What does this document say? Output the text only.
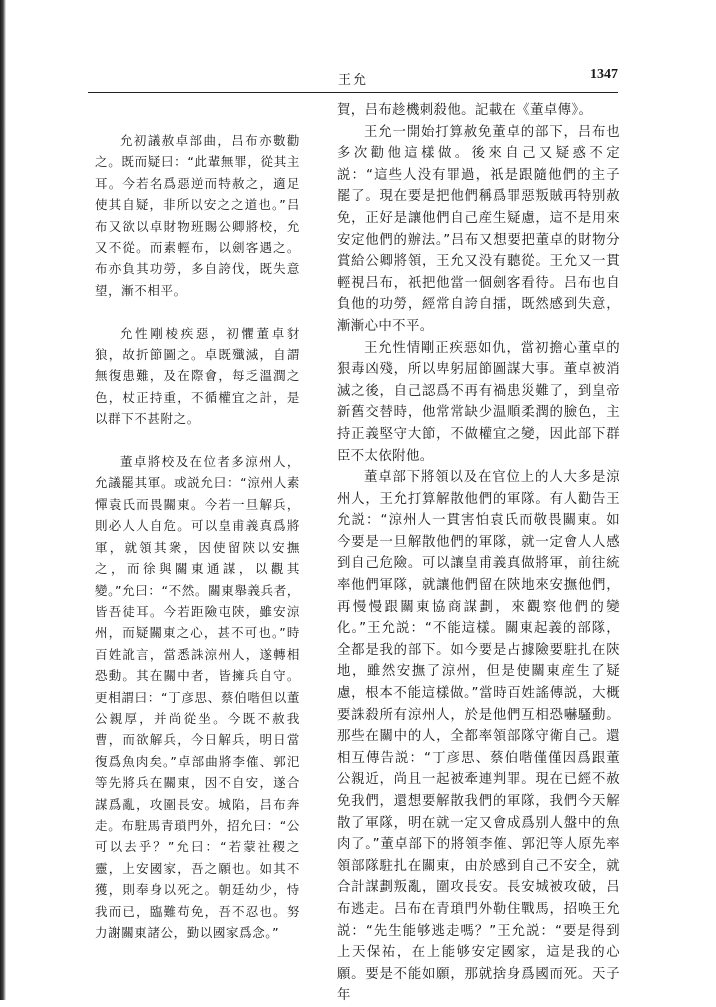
王允	1347

允初議赦卓部曲，吕布亦數勸之。既而疑曰：“此輩無罪，從其主耳。今若名爲惡逆而特赦之，適足使其自疑，非所以安之之道也。”吕布又欲以卓財物班賜公卿將校，允又不從。而素輕布，以劍客遇之。布亦負其功勞，多自誇伐，既失意望，漸不相平。

允性剛棱疾惡，初懼董卓豺狼，故折節圖之。卓既殲滅，自謂無復患難，及在際會，每乏溫潤之色，杖正持重，不循權宜之計，是以群下不甚附之。

董卓將校及在位者多涼州人，允議罷其軍。或説允曰：“涼州人素憚袁氏而畏關東。今若一旦解兵，則必人人自危。可以皇甫義真爲將軍，就領其衆，因使留陝以安撫之，而徐與關東通謀，以觀其變。”允曰：“不然。關東舉義兵者，皆吾徒耳。今若距險屯陝，雖安涼州，而疑關東之心，甚不可也。”時百姓訛言，當悉誅涼州人，遂轉相恐動。其在關中者，皆擁兵自守。更相謂曰：“丁彦思、蔡伯喈但以董公親厚，并尚從坐。今既不赦我曹，而欲解兵，今日解兵，明日當復爲魚肉矣。”卓部曲將李傕、郭汜等先將兵在關東，因不自安，遂合謀爲亂，攻圍長安。城陷，吕布奔走。布駐馬青瑣門外，招允曰：“公可以去乎？”允曰：“若蒙社稷之靈，上安國家，吾之願也。如其不獲，則奉身以死之。朝廷幼少，恃我而已，臨難苟免，吾不忍也。努力謝關東諸公，勤以國家爲念。”

賀，吕布趁機刺殺他。記載在《董卓傳》。

王允一開始打算赦免董卓的部下，吕布也多次勸他這樣做。後來自己又疑惑不定説：“這些人没有罪過，祇是跟隨他們的主子罷了。現在要是把他們稱爲罪惡叛賊再特别赦免，正好是讓他們自己産生疑慮，這不是用來安定他們的辦法。”吕布又想要把董卓的財物分賞給公卿將領，王允又没有聽從。王允又一貫輕視吕布，祇把他當一個劍客看待。吕布也自負他的功勞，經常自誇自擂，既然感到失意，漸漸心中不平。

王允性情剛正疾惡如仇，當初擔心董卓的狠毒凶殘，所以卑躬屈節圖謀大事。董卓被消滅之後，自己認爲不再有禍患災難了，到皇帝新舊交替時，他常常缺少温順柔潤的臉色，主持正義堅守大節，不做權宜之變，因此部下群臣不太依附他。

董卓部下將領以及在官位上的人大多是涼州人，王允打算解散他們的軍隊。有人勸告王允説：“涼州人一貫害怕袁氏而敬畏關東。如今要是一旦解散他們的軍隊，就一定會人人感到自己危險。可以讓皇甫義真做將軍，前往統率他們軍隊，就讓他們留在陝地來安撫他們，再慢慢跟關東協商謀劃，來觀察他們的變化。”王允説：“不能這樣。關東起義的部隊，全都是我的部下。如今要是占據險要駐扎在陝地，雖然安撫了涼州，但是使關東産生了疑慮，根本不能這樣做。”當時百姓謠傳説，大概要誅殺所有涼州人，於是他們互相恐嚇騷動。那些在關中的人，全都率領部隊守衛自己。還相互傳告説：“丁彦思、蔡伯喈僅僅因爲跟董公親近，尚且一起被牽連判罪。現在已經不赦免我們，還想要解散我們的軍隊，我們今天解散了軍隊，明在就一定又會成爲别人盤中的魚肉了。”董卓部下的將領李傕、郭汜等人原先率領部隊駐扎在關東，由於感到自己不安全，就合計謀劃叛亂，圍攻長安。長安城被攻破，吕布逃走。吕布在青瑣門外勒住戰馬，招唤王允説：“先生能够逃走嗎？”王允説：“要是得到上天保祐，在上能够安定國家，這是我的心願。要是不能如願，那就捨身爲國而死。天子年
